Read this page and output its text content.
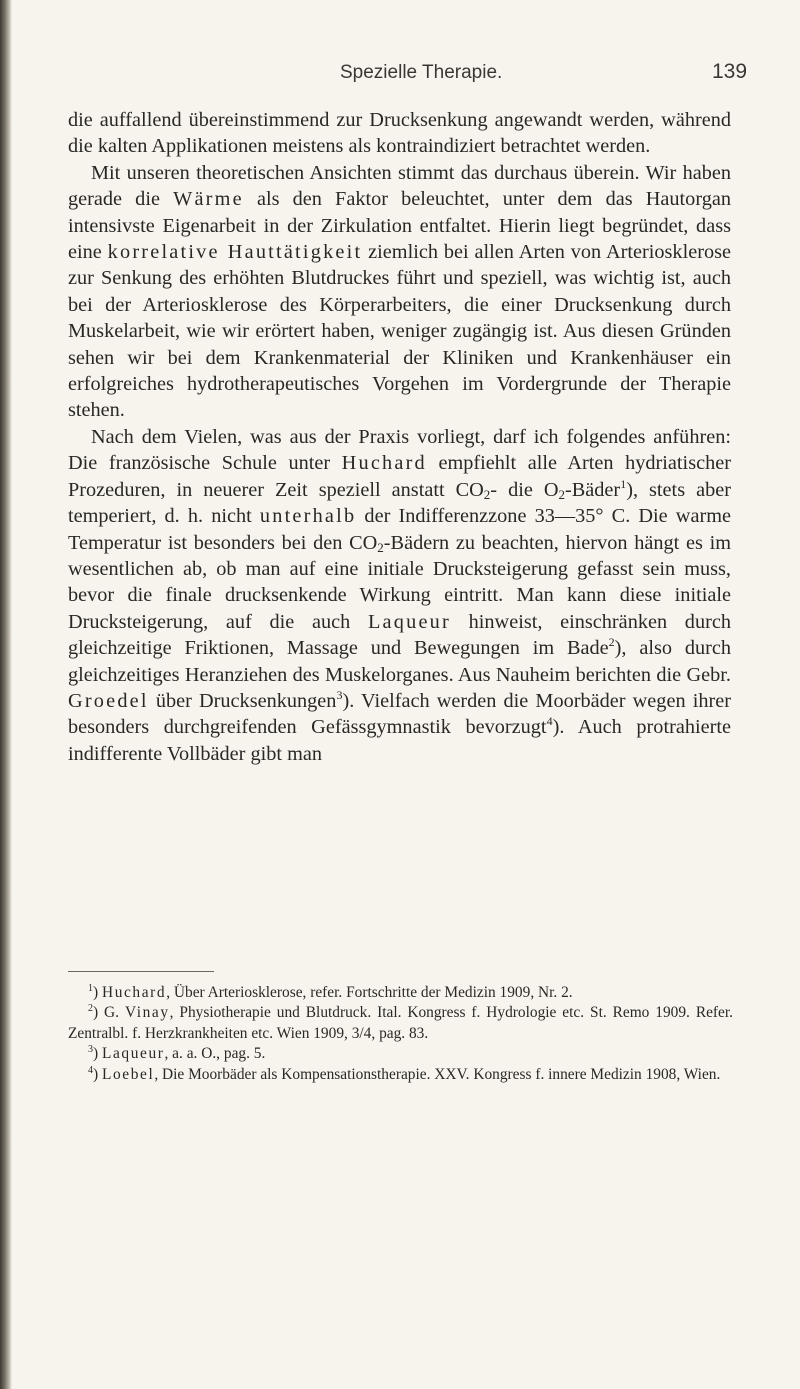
Spezielle Therapie.	139

die auffallend übereinstimmend zur Drucksenkung angewandt werden, während die kalten Applikationen meistens als kontraindiziert betrachtet werden.

Mit unseren theoretischen Ansichten stimmt das durchaus überein. Wir haben gerade die Wärme als den Faktor beleuchtet, unter dem das Hautorgan intensivste Eigenarbeit in der Zirkulation entfaltet. Hierin liegt begründet, dass eine korrelative Hauttätigkeit ziemlich bei allen Arten von Arteriosklerose zur Senkung des erhöhten Blutdruckes führt und speziell, was wichtig ist, auch bei der Arteriosklerose des Körperarbeiters, die einer Drucksenkung durch Muskelarbeit, wie wir erörtert haben, weniger zugängig ist. Aus diesen Gründen sehen wir bei dem Krankenmaterial der Kliniken und Krankenhäuser ein erfolgreiches hydrotherapeutisches Vorgehen im Vordergrunde der Therapie stehen.

Nach dem Vielen, was aus der Praxis vorliegt, darf ich folgendes anführen: Die französische Schule unter Huchard empfiehlt alle Arten hydriatischer Prozeduren, in neuerer Zeit speziell anstatt $CO_2-$ die $O_2-Bäder^1$), stets aber temperiert, d. h. nicht unterhalb der Indifferenzzone 33—35° C. Die warme Temperatur ist besonders bei den $CO_2$-Bädern zu beachten, hiervon hängt es im wesentlichen ab, ob man auf eine initiale Drucksteigerung gefasst sein muss, bevor die finale drucksenkende Wirkung eintritt. Man kann diese initiale Drucksteigerung, auf die auch Laqueur hinweist, einschränken durch gleichzeitige Friktionen, Massage und Bewegungen im Bade$^2$), also durch gleichzeitiges Heranziehen des Muskelorganes. Aus Nauheim berichten die Gebr. Groedel über Drucksenkungen$^3$). Vielfach werden die Moorbäder wegen ihrer besonders durchgreifenden Gefässgymnastik bevorzugt$^4$). Auch protrahierte indifferente Vollbäder gibt man

$^1$) Huchard, Über Arteriosklerose, refer. Fortschritte der Medizin 1909, Nr. 2.

$^2$) G. Vinay, Physiotherapie und Blutdruck. Ital. Kongress f. Hydrologie etc. St. Remo 1909. Refer. Zentralbl. f. Herzkrankheiten etc. Wien 1909, 3/4, pag. 83.

$^3$) Laqueur, a. a. O., pag. 5.

$^4$) Loebel, Die Moorbäder als Kompensationstherapie. XXV. Kongress f. innere Medizin 1908, Wien.
